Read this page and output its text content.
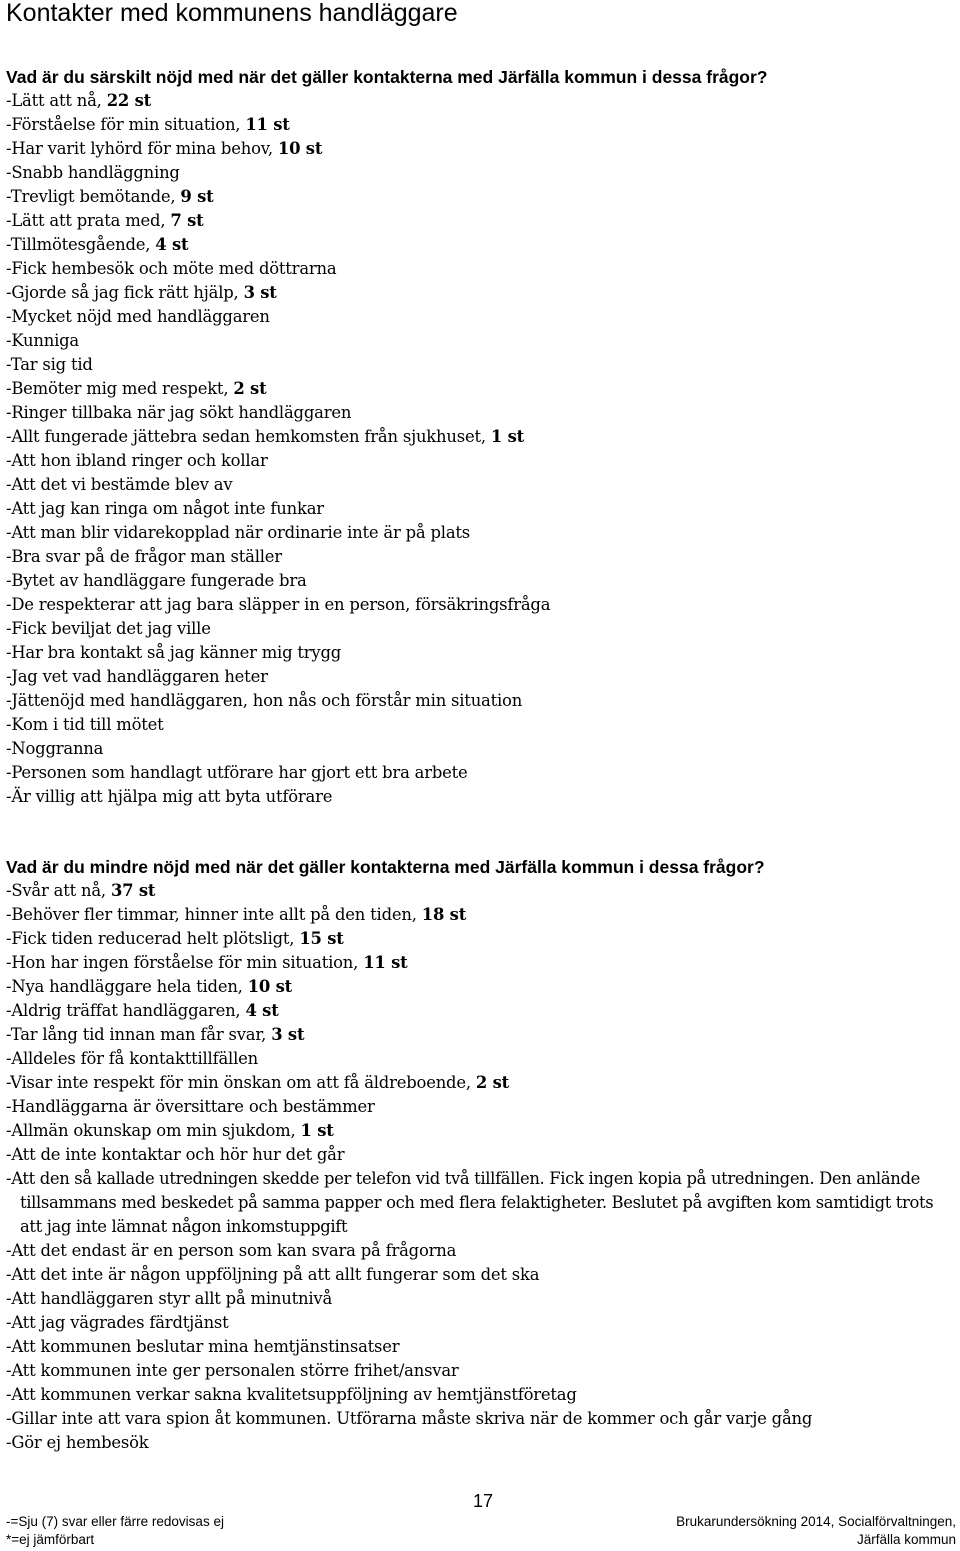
Kontakter med kommunens handläggare
Vad är du särskilt nöjd med när det gäller kontakterna med Järfälla kommun i dessa frågor?
-Lätt att nå, 22 st
-Förståelse för min situation, 11 st
-Har varit lyhörd för mina behov, 10 st
-Snabb handläggning
-Trevligt bemötande, 9 st
-Lätt att prata med, 7 st
-Tillmötesgående, 4 st
-Fick hembesök och möte med döttrarna
-Gjorde så jag fick rätt hjälp, 3 st
-Mycket nöjd med handläggaren
-Kunniga
-Tar sig tid
-Bemöter mig med respekt, 2 st
-Ringer tillbaka när jag sökt handläggaren
-Allt fungerade jättebra sedan hemkomsten från sjukhuset, 1 st
-Att hon ibland ringer och kollar
-Att det vi bestämde blev av
-Att jag kan ringa om något inte funkar
-Att man blir vidarekopplad när ordinarie inte är på plats
-Bra svar på de frågor man ställer
-Bytet av handläggare fungerade bra
-De respekterar att jag bara släpper in en person, försäkringsfråga
-Fick beviljat det jag ville
-Har bra kontakt så jag känner mig trygg
-Jag vet vad handläggaren heter
-Jättenöjd med handläggaren, hon nås och förstår min situation
-Kom i tid till mötet
-Noggranna
-Personen som handlagt utförare har gjort ett bra arbete
-Är villig att hjälpa mig att byta utförare
Vad är du mindre nöjd med när det gäller kontakterna med Järfälla kommun i dessa frågor?
-Svår att nå, 37 st
-Behöver fler timmar, hinner inte allt på den tiden, 18 st
-Fick tiden reducerad helt plötsligt, 15 st
-Hon har ingen förståelse för min situation, 11 st
-Nya handläggare hela tiden, 10 st
-Aldrig träffat handläggaren, 4 st
-Tar lång tid innan man får svar, 3 st
-Alldeles för få kontakttillfällen
-Visar inte respekt för min önskan om att få äldreboende, 2 st
-Handläggarna är översittare och bestämmer
-Allmän okunskap om min sjukdom, 1 st
-Att de inte kontaktar och hör hur det går
-Att den så kallade utredningen skedde per telefon vid två tillfällen. Fick ingen kopia på utredningen. Den anlände tillsammans med beskedet på samma papper och med flera felaktigheter. Beslutet på avgiften kom samtidigt trots att jag inte lämnat någon inkomstuppgift
-Att det endast är en person som kan svara på frågorna
-Att det inte är någon uppföljning på att allt fungerar som det ska
-Att handläggaren styr allt på minutnivå
-Att jag vägrades färdtjänst
-Att kommunen beslutar mina hemtjänstinsatser
-Att kommunen inte ger personalen större frihet/ansvar
-Att kommunen verkar sakna kvalitetsuppföljning av hemtjänstföretag
-Gillar inte att vara spion åt kommunen. Utförarna måste skriva när de kommer och går varje gång
-Gör ej hembesök
-=Sju (7) svar eller färre redovisas ej
*=ej jämförbart
17
Brukarundersökning 2014, Socialförvaltningen,
Järfälla kommun
